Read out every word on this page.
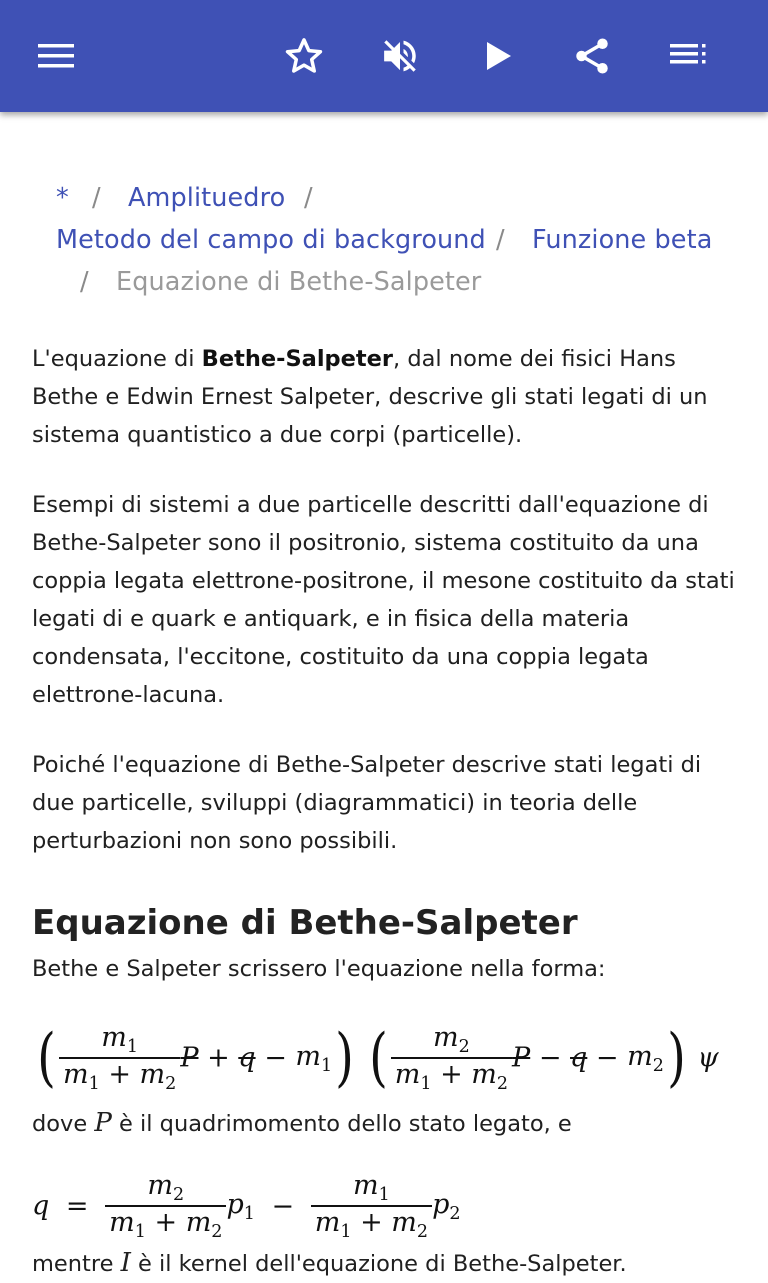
* / Amplituedro /
Metodo del campo di background / Funzione beta
/ Equazione di Bethe-Salpeter

L'equazione di Bethe-Salpeter, dal nome dei fisici Hans Bethe e Edwin Ernest Salpeter, descrive gli stati legati di un sistema quantistico a due corpi (particelle).

Esempi di sistemi a due particelle descritti dall'equazione di Bethe-Salpeter sono il positronio, sistema costituito da una coppia legata elettrone-positrone, il mesone costituito da stati legati di e quark e antiquark, e in fisica della materia condensata, l'eccitone, costituito da una coppia legata elettrone-lacuna.

Poiché l'equazione di Bethe-Salpeter descrive stati legati di due particelle, sviluppi (diagrammatici) in teoria delle perturbazioni non sono possibili.

Equazione di Bethe-Salpeter

Bethe e Salpeter scrissero l'equazione nella forma:

( $\frac{m_1}{m_1 + m_2}$ $P + q - m_1$) ( $\frac{m_2}{m_1 + m_2}$ $P - q - m_2$) ψ

dove P è il quadrimomento dello stato legato, e

$q = \frac{m_2}{m_1 + m_2} p_1 - \frac{m_1}{m_1 + m_2} p_2$

mentre I è il kernel dell'equazione di Bethe-Salpeter.
